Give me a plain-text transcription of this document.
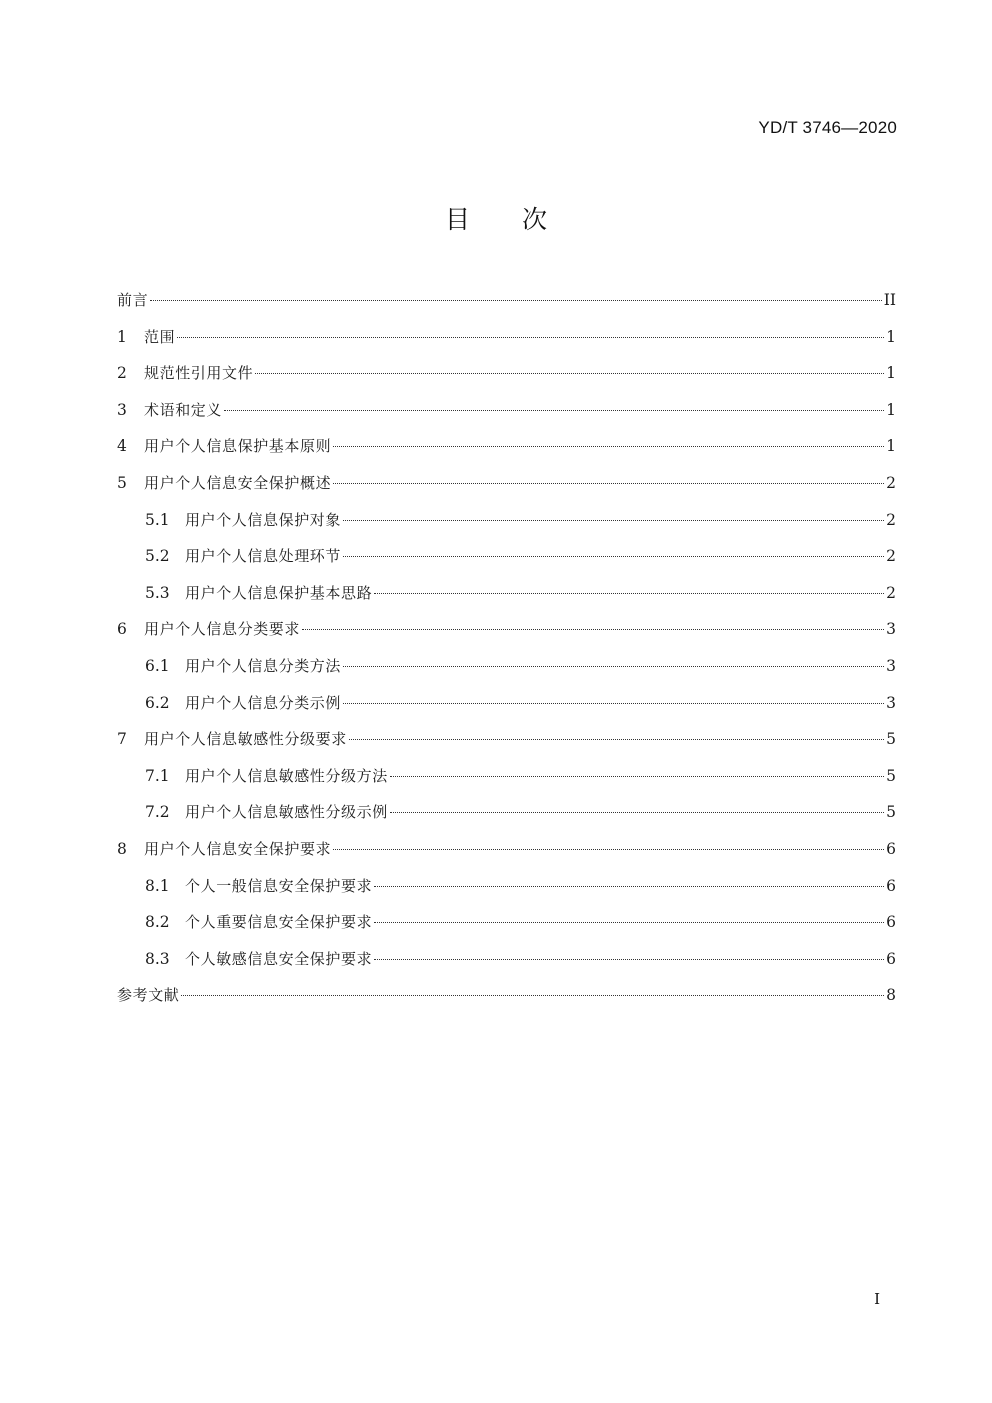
YD/T 3746—2020
目次
前言	II
1	范围	1
2	规范性引用文件	1
3	术语和定义	1
4	用户个人信息保护基本原则	1
5	用户个人信息安全保护概述	2
5.1	用户个人信息保护对象	2
5.2	用户个人信息处理环节	2
5.3	用户个人信息保护基本思路	2
6	用户个人信息分类要求	3
6.1	用户个人信息分类方法	3
6.2	用户个人信息分类示例	3
7	用户个人信息敏感性分级要求	5
7.1	用户个人信息敏感性分级方法	5
7.2	用户个人信息敏感性分级示例	5
8	用户个人信息安全保护要求	6
8.1	个人一般信息安全保护要求	6
8.2	个人重要信息安全保护要求	6
8.3	个人敏感信息安全保护要求	6
参考文献	8
I
